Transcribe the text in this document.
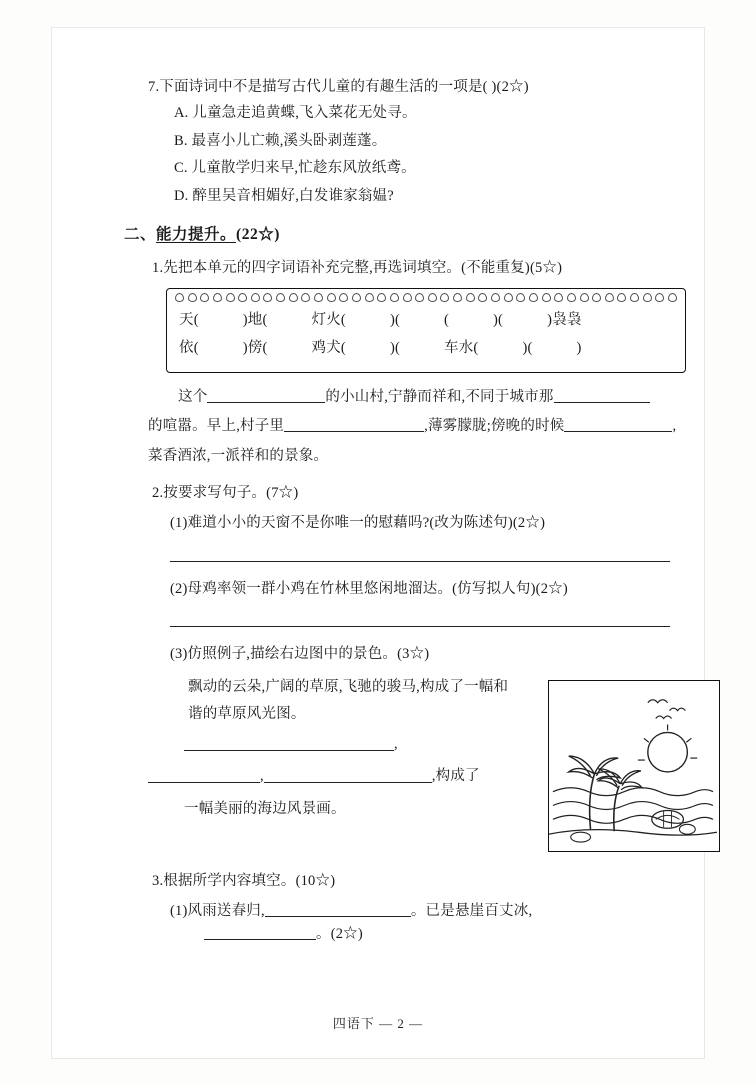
7.下面诗词中不是描写古代儿童的有趣生活的一项是( )(2☆)
A. 儿童急走追黄蝶,飞入菜花无处寻。
B. 最喜小儿亡赖,溪头卧剥莲蓬。
C. 儿童散学归来早,忙趁东风放纸鸢。
D. 醉里吴音相媚好,白发谁家翁媪?
二、能力提升。(22☆)
1.先把本单元的四字词语补充完整,再选词填空。(不能重复)(5☆)
天(	)地(	灯火(	)(	(	)(	)袅袅
依(	)傍(	鸡犬(	)(	车水(	)(	)
这个	的小山村,宁静而祥和,不同于城市那
的喧嚣。早上,村子里	,薄雾朦胧;傍晚的时候	,
菜香酒浓,一派祥和的景象。
2.按要求写句子。(7☆)
(1)难道小小的天窗不是你唯一的慰藉吗?(改为陈述句)(2☆)
(2)母鸡率领一群小鸡在竹林里悠闲地溜达。(仿写拟人句)(2☆)
(3)仿照例子,描绘右边图中的景色。(3☆)
飘动的云朵,广阔的草原,飞驰的骏马,构成了一幅和谐的草原风光图。
,
,	,构成了
一幅美丽的海边风景画。
3.根据所学内容填空。(10☆)
(1)风雨送春归,	。已是悬崖百丈冰,
。(2☆)
四语下 — 2 —
